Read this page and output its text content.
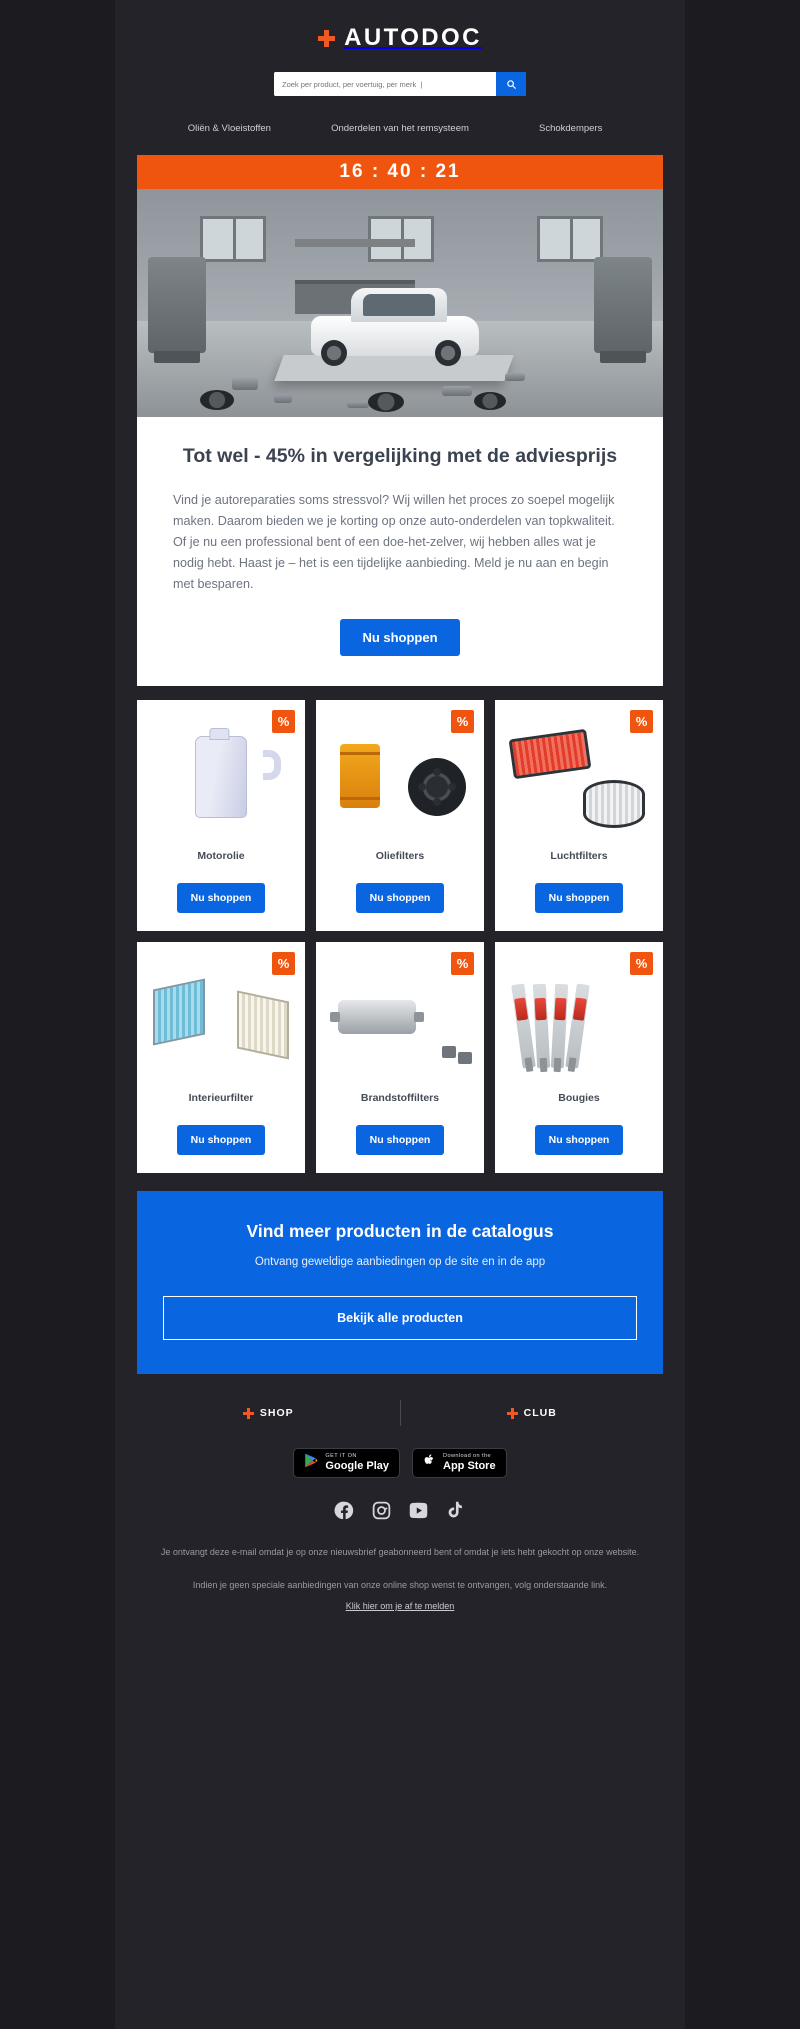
AUTODOC
Zoek per product, per voertuig, per merk |
Oliën & Vloeistoffen	Onderdelen van het remsysteem	Schokdempers
16 : 40 : 21
Tot wel - 45% in vergelijking met de adviesprijs

Vind je autoreparaties soms stressvol? Wij willen het proces zo soepel mogelijk maken. Daarom bieden we je korting op onze auto-onderdelen van topkwaliteit. Of je nu een professional bent of een doe-het-zelver, wij hebben alles wat je nodig hebt. Haast je – het is een tijdelijke aanbieding. Meld je nu aan en begin met besparen.

Nu shoppen
%
Motorolie
Nu shoppen
%
Oliefilters
Nu shoppen
%
Luchtfilters
Nu shoppen
%
Interieurfilter
Nu shoppen
%
Brandstoffilters
Nu shoppen
%
Bougies
Nu shoppen
Vind meer producten in de catalogus

Ontvang geweldige aanbiedingen op de site en in de app

Bekijk alle producten
SHOP	CLUB
GET IT ON
Google Play
Download on the
App Store
Je ontvangt deze e-mail omdat je op onze nieuwsbrief geabonneerd bent of omdat je iets hebt gekocht op onze website.
Indien je geen speciale aanbiedingen van onze online shop wenst te ontvangen, volg onderstaande link.
Klik hier om je af te melden
